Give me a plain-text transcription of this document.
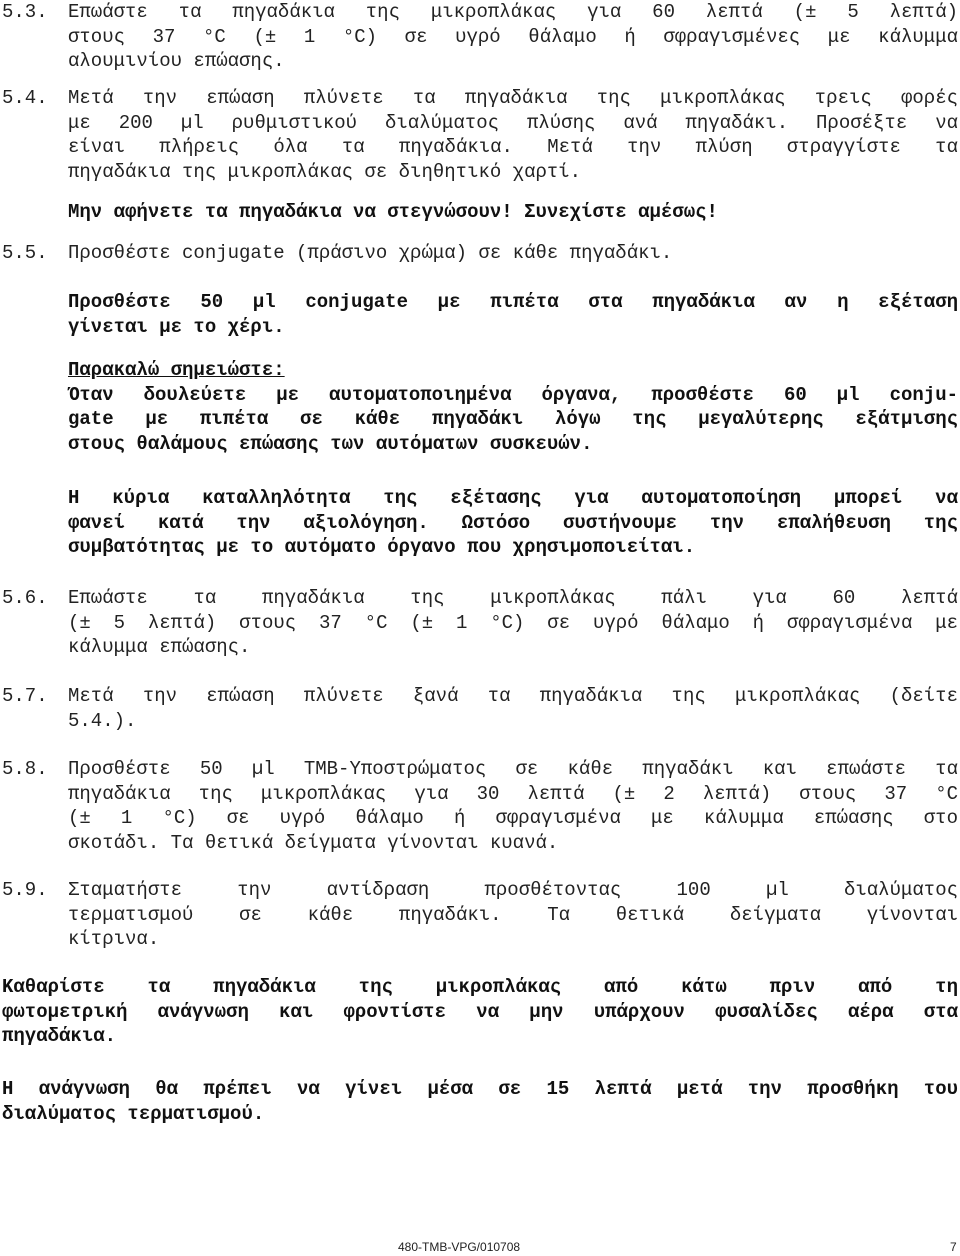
5.3. Επωάστε τα πηγαδάκια της μικροπλάκας για 60 λεπτά (± 5 λεπτά)
στους 37 °C (± 1 °C) σε υγρό θάλαμο ή σφραγισμένες με κάλυμμα
αλουμινίου επώασης.
5.4. Μετά την επώαση πλύνετε τα πηγαδάκια της μικροπλάκας τρεις φορές
με 200 µl ρυθμιστικού διαλύματος πλύσης ανά πηγαδάκι. Προσέξτε να
είναι πλήρεις όλα τα πηγαδάκια. Μετά την πλύση στραγγίστε τα
πηγαδάκια της μικροπλάκας σε διηθητικό χαρτί.
Μην αφήνετε τα πηγαδάκια να στεγνώσουν! Συνεχίστε αμέσως!
5.5. Προσθέστε conjugate (πράσινο χρώμα) σε κάθε πηγαδάκι.
Προσθέστε 50 µl conjugate με πιπέτα στα πηγαδάκια αν η εξέταση
γίνεται με το χέρι.
Παρακαλώ σημειώστε:
Όταν δουλεύετε με αυτοματοποιημένα όργανα, προσθέστε 60 µl conju-
gate με πιπέτα σε κάθε πηγαδάκι λόγω της μεγαλύτερης εξάτμισης
στους θαλάμους επώασης των αυτόματων συσκευών.
Η κύρια καταλληλότητα της εξέτασης για αυτοματοποίηση μπορεί να
φανεί κατά την αξιολόγηση. Ωστόσο συστήνουμε την επαλήθευση της
συμβατότητας με το αυτόματο όργανο που χρησιμοποιείται.
5.6. Επωάστε τα πηγαδάκια της μικροπλάκας πάλι για 60 λεπτά
(± 5 λεπτά) στους 37 °C (± 1 °C) σε υγρό θάλαμο ή σφραγισμένα με
κάλυμμα επώασης.
5.7. Μετά την επώαση πλύνετε ξανά τα πηγαδάκια της μικροπλάκας (δείτε
5.4.).
5.8. Προσθέστε 50 µl TMB-Υποστρώματος σε κάθε πηγαδάκι και επωάστε τα
πηγαδάκια της μικροπλάκας για 30 λεπτά (± 2 λεπτά) στους 37 °C
(± 1 °C) σε υγρό θάλαμο ή σφραγισμένα με κάλυμμα επώασης στο
σκοτάδι. Τα θετικά δείγματα γίνονται κυανά.
5.9. Σταματήστε την αντίδραση προσθέτοντας 100 µl διαλύματος
τερματισμού σε κάθε πηγαδάκι. Τα θετικά δείγματα γίνονται
κίτρινα.
Καθαρίστε τα πηγαδάκια της μικροπλάκας από κάτω πριν από τη
φωτομετρική ανάγνωση και φροντίστε να μην υπάρχουν φυσαλίδες αέρα στα
πηγαδάκια.
Η ανάγνωση θα πρέπει να γίνει μέσα σε 15 λεπτά μετά την προσθήκη του
διαλύματος τερματισμού.
480-TMB-VPG/010708	7
